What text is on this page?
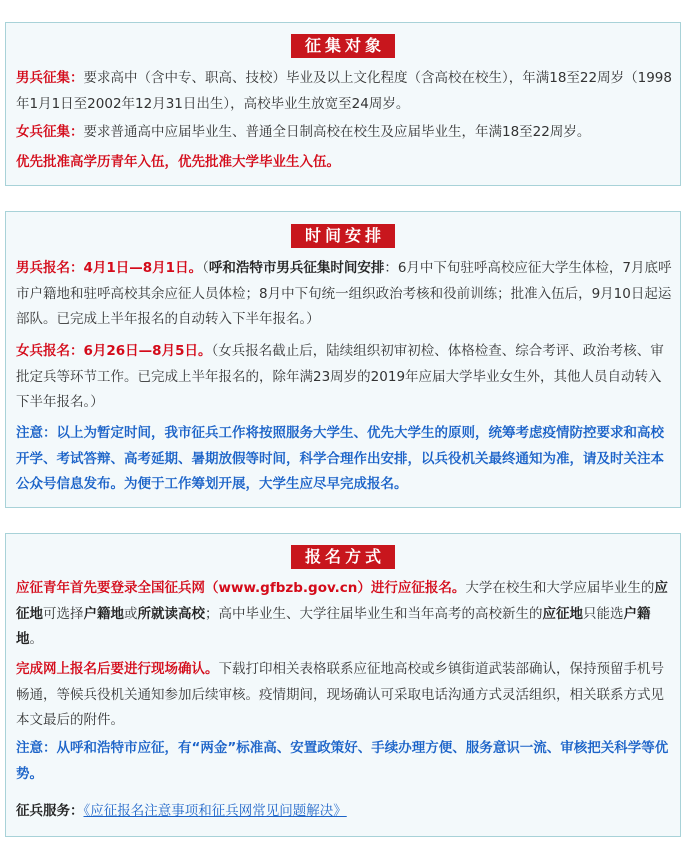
征集对象
男兵征集：要求高中（含中专、职高、技校）毕业及以上文化程度（含高校在校生），年满18至22周岁（1998年1月1日至2002年12月31日出生），高校毕业生放宽至24周岁。
女兵征集：要求普通高中应届毕业生、普通全日制高校在校生及应届毕业生，年满18至22周岁。
优先批准高学历青年入伍，优先批准大学毕业生入伍。
时间安排
男兵报名：4月1日—8月1日。（呼和浩特市男兵征集时间安排：6月中下旬驻呼高校应征大学生体检，7月底呼市户籍地和驻呼高校其余应征人员体检；8月中下旬统一组织政治考核和役前训练；批准入伍后，9月10日起运部队。已完成上半年报名的自动转入下半年报名。）
女兵报名：6月26日—8月5日。（女兵报名截止后，陆续组织初审初检、体格检查、综合考评、政治考核、审批定兵等环节工作。已完成上半年报名的，除年满23周岁的2019年应届大学毕业女生外，其他人员自动转入下半年报名。）
注意：以上为暂定时间，我市征兵工作将按照服务大学生、优先大学生的原则，统筹考虑疫情防控要求和高校开学、考试答辩、高考延期、暑期放假等时间，科学合理作出安排，以兵役机关最终通知为准，请及时关注本公众号信息发布。为便于工作筹划开展，大学生应尽早完成报名。
报名方式
应征青年首先要登录全国征兵网（www.gfbzb.gov.cn）进行应征报名。大学在校生和大学应届毕业生的应征地可选择户籍地或所就读高校；高中毕业生、大学往届毕业生和当年高考的高校新生的应征地只能选户籍地。
完成网上报名后要进行现场确认。下载打印相关表格联系应征地高校或乡镇街道武装部确认，保持预留手机号畅通，等候兵役机关通知参加后续审核。疫情期间，现场确认可采取电话沟通方式灵活组织，相关联系方式见本文最后的附件。
注意：从呼和浩特市应征，有“两金”标准高、安置政策好、手续办理方便、服务意识一流、审核把关科学等优势。
征兵服务：《应征报名注意事项和征兵网常见问题解决》
